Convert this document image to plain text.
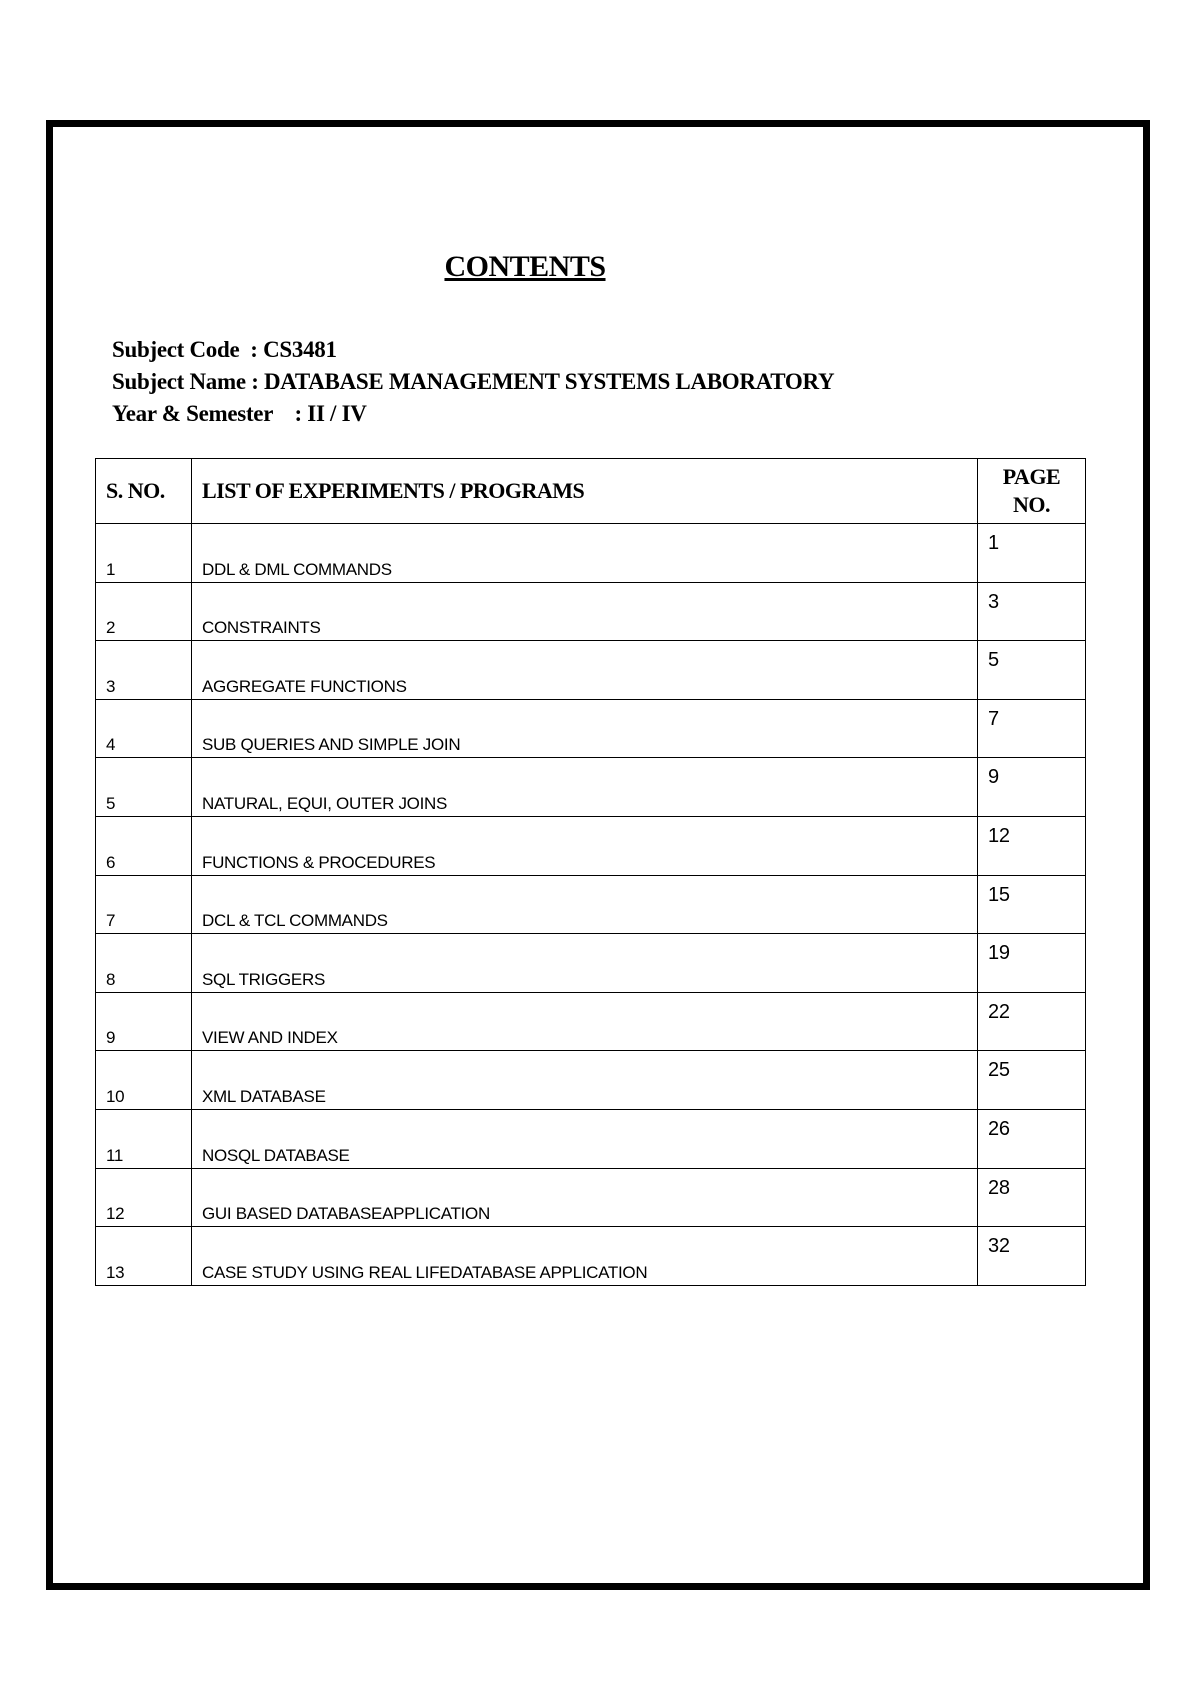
CONTENTS
Subject Code  : CS3481
Subject Name : DATABASE MANAGEMENT SYSTEMS LABORATORY
Year & Semester    : II / IV
S. NO.	LIST OF EXPERIMENTS / PROGRAMS	PAGE
NO.

1	DDL & DML COMMANDS	1
2	CONSTRAINTS	3
3	AGGREGATE FUNCTIONS	5
4	SUB QUERIES AND SIMPLE JOIN	7
5	NATURAL, EQUI, OUTER JOINS	9
6	FUNCTIONS & PROCEDURES	12
7	DCL & TCL COMMANDS	15
8	SQL TRIGGERS	19
9	VIEW AND INDEX	22
10	XML DATABASE	25
11	NOSQL DATABASE	26
12	GUI BASED DATABASEAPPLICATION	28
13	CASE STUDY USING REAL LIFEDATABASE APPLICATION	32
